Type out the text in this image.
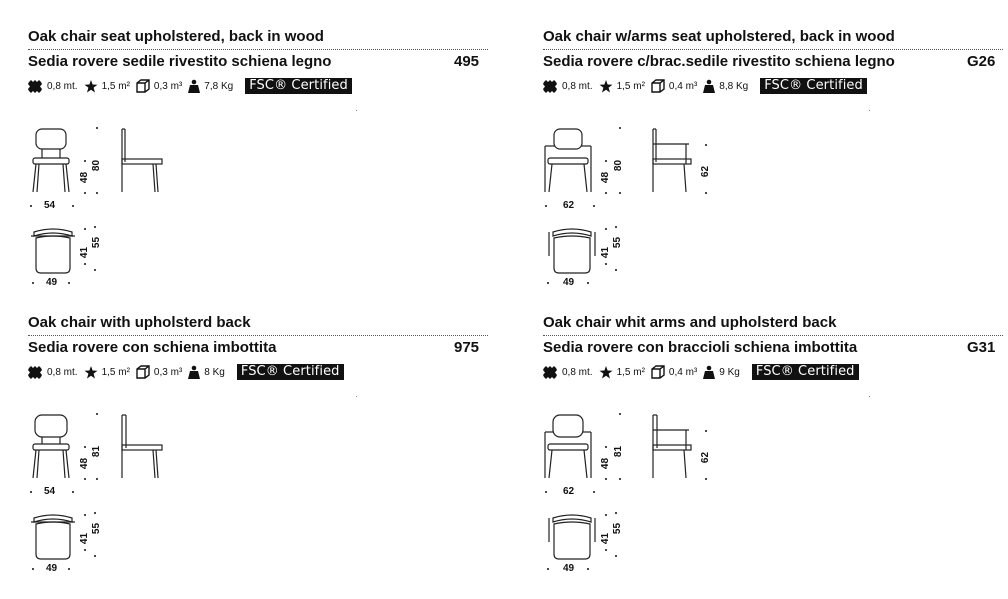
Oak chair seat upholstered, back in wood
Sedia rovere sedile rivestito schiena legno	495
0,8 mt. 1,5 m² 0,3 m³ 7,8 Kg	FSC® Certified
48
80
54
41
55
49
Oak chair w/arms seat upholstered, back in wood
Sedia rovere c/brac.sedile rivestito schiena legno	G26
0,8 mt. 1,5 m² 0,4 m³ 8,8 Kg	FSC® Certified
48
80
62
62
41
55
49
Oak chair with upholsterd back
Sedia rovere con schiena imbottita	975
0,8 mt. 1,5 m² 0,3 m³ 8 Kg	FSC® Certified
48
81
54
41
55
49
Oak chair whit arms and upholsterd back
Sedia rovere con braccioli schiena imbottita	G31
0,8 mt. 1,5 m² 0,4 m³ 9 Kg	FSC® Certified
48
81
62
62
41
55
49
